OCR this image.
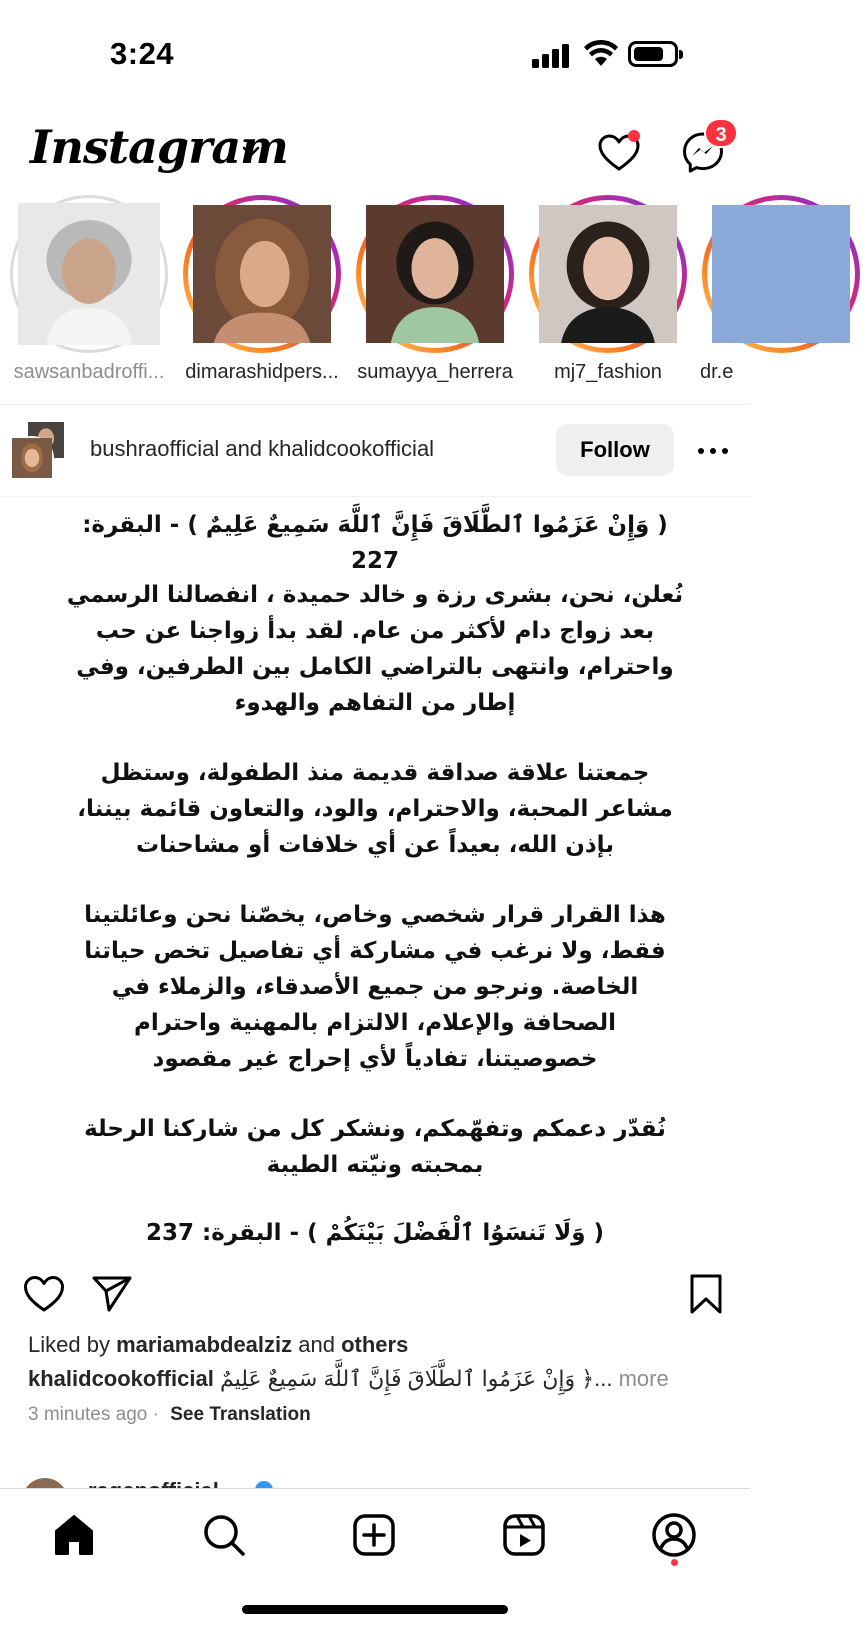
3:24
Instagram	3
sawsanbadroffi...	dimarashidpers... sumayya_herrera	mj7_fashion	dr.e
bushraofficial and khalidcookofficial	Follow
( وَإِنْ عَزَمُوا ٱلطَّلَاقَ فَإِنَّ ٱللَّهَ سَمِيعٌ عَلِيمٌ ) - البقرة: 227
نُعلن، نحن، بشرى رزة و خالد حميدة ، انفصالنا الرسمي
بعد زواج دام لأكثر من عام. لقد بدأ زواجنا عن حب
واحترام، وانتهى بالتراضي الكامل بين الطرفين، وفي
إطار من التفاهم والهدوء
جمعتنا علاقة صداقة قديمة منذ الطفولة، وستظل
مشاعر المحبة، والاحترام، والود، والتعاون قائمة بيننا،
بإذن الله، بعيداً عن أي خلافات أو مشاحنات
هذا القرار قرار شخصي وخاص، يخصّنا نحن وعائلتينا
فقط، ولا نرغب في مشاركة أي تفاصيل تخص حياتنا
الخاصة. ونرجو من جميع الأصدقاء، والزملاء في
الصحافة والإعلام، الالتزام بالمهنية واحترام
خصوصيتنا، تفادياً لأي إحراج غير مقصود
نُقدّر دعمكم وتفهّمكم، ونشكر كل من شاركنا الرحلة
بمحبته ونيّته الطيبة
( وَلَا تَنسَوُا ٱلْفَضْلَ بَيْنَكُمْ ) - البقرة: 237
Liked by mariamabdealziz and others
khalidcookofficial وَإِنْ عَزَمُوا ٱلطَّلَاقَ فَإِنَّ ٱللَّهَ سَمِيعٌ عَلِيمٌ ﴿... more
3 minutes ago · See Translation
